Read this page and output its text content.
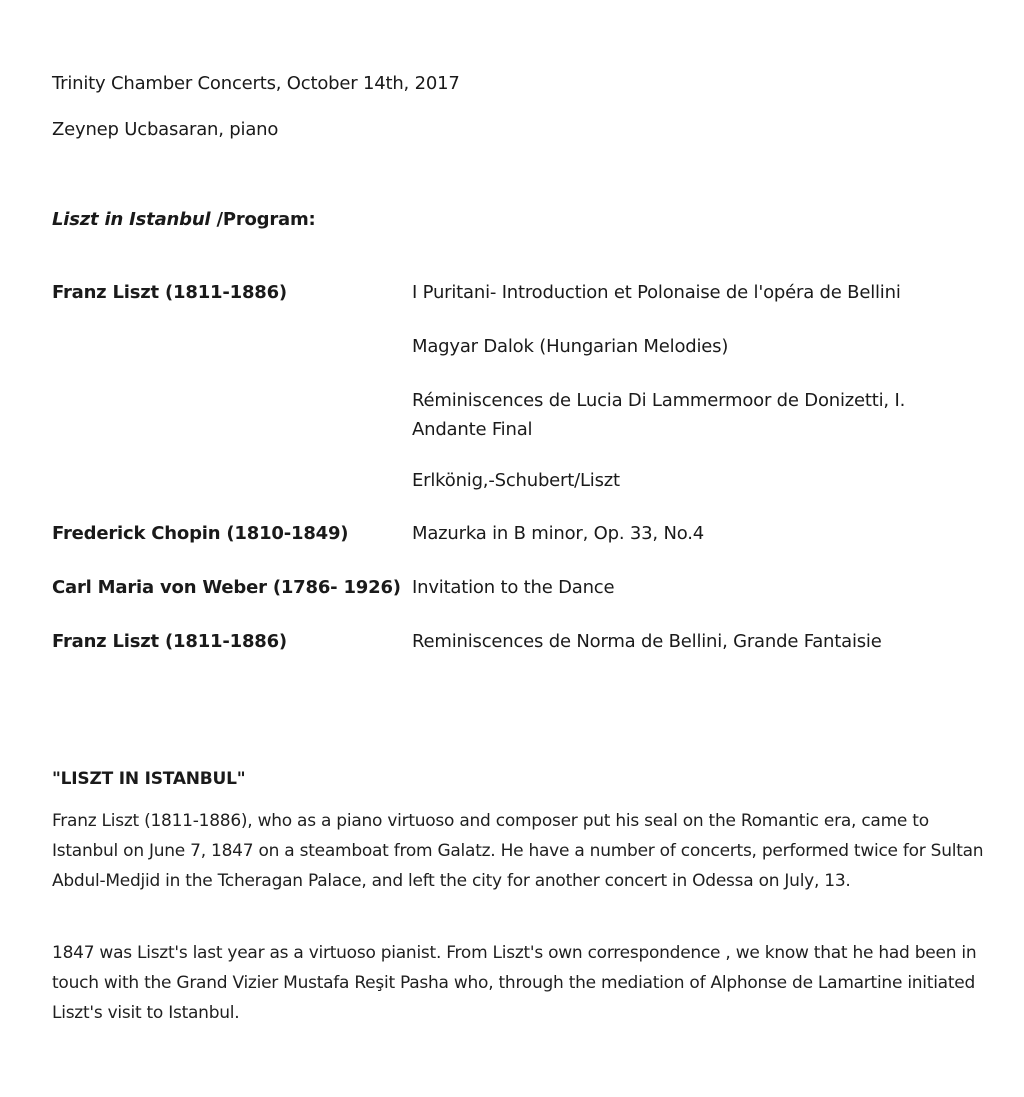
Trinity Chamber Concerts, October 14th, 2017
Zeynep Ucbasaran, piano
Liszt in Istanbul /Program:
Franz Liszt (1811-1886)	I Puritani- Introduction et Polonaise de l'opéra de Bellini
Magyar Dalok (Hungarian Melodies)
Réminiscences de Lucia Di Lammermoor de Donizetti, I. Andante Final
Erlkönig,-Schubert/Liszt
Frederick Chopin (1810-1849)	Mazurka in B minor, Op. 33, No.4
Carl Maria von Weber (1786- 1926) Invitation to the Dance
Franz Liszt (1811-1886)	Reminiscences de Norma de Bellini, Grande Fantaisie
"LISZT IN ISTANBUL"
Franz Liszt (1811-1886), who as a piano virtuoso and composer put his seal on the Romantic era, came to Istanbul on June 7, 1847 on a steamboat from Galatz. He have a number of concerts, performed twice for Sultan Abdul-Medjid in the Tcheragan Palace, and left the city for another concert in Odessa on July, 13.
1847 was Liszt's last year as a virtuoso pianist. From Liszt's own correspondence , we know that he had been in touch with the Grand Vizier Mustafa Reşit Pasha who, through the mediation of Alphonse de Lamartine initiated Liszt's visit to Istanbul.
